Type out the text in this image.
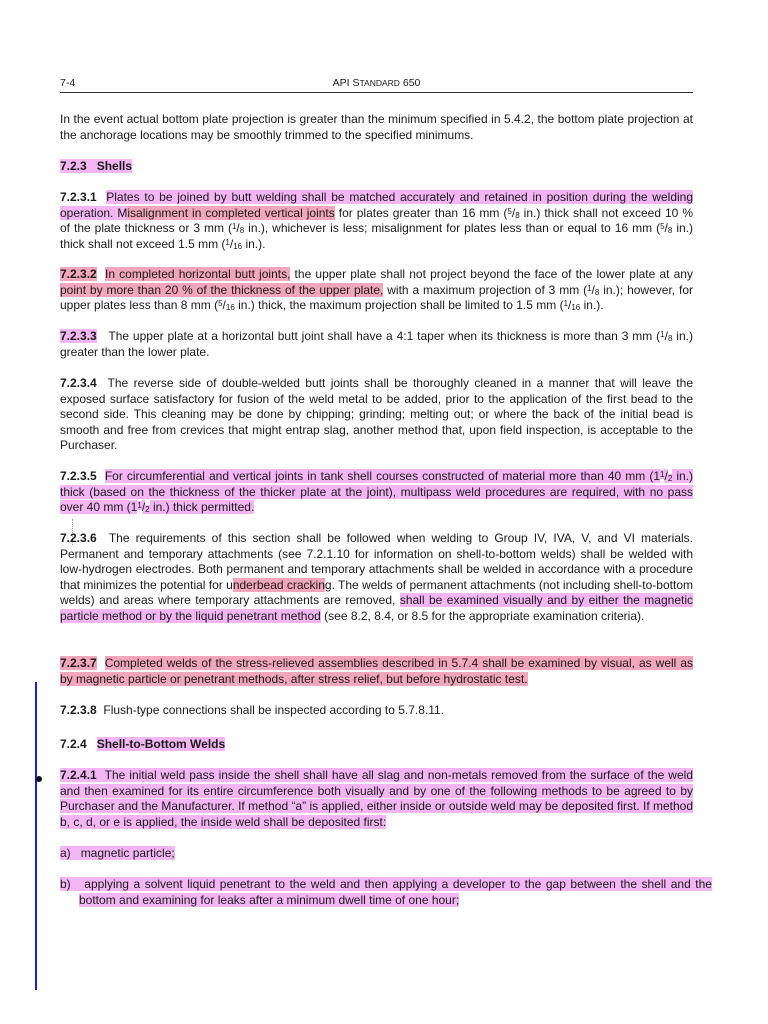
7-4	API STANDARD 650

In the event actual bottom plate projection is greater than the minimum specified in 5.4.2, the bottom plate projection at the anchorage locations may be smoothly trimmed to the specified minimums.

7.2.3 Shells

7.2.3.1 Plates to be joined by butt welding shall be matched accurately and retained in position during the welding operation. Misalignment in completed vertical joints for plates greater than 16 mm ($^5/_8$ in.) thick shall not exceed 10 % of the plate thickness or 3 mm ($^1/_8$ in.), whichever is less; misalignment for plates less than or equal to 16 mm ($^5/_8$ in.) thick shall not exceed 1.5 mm ($^1/_{16}$ in.).

7.2.3.2 In completed horizontal butt joints, the upper plate shall not project beyond the face of the lower plate at any point by more than 20 % of the thickness of the upper plate, with a maximum projection of 3 mm ($^1/_8$ in.); however, for upper plates less than 8 mm ($^5/_{16}$ in.) thick, the maximum projection shall be limited to 1.5 mm ($^1/_{16}$ in.).

7.2.3.3 The upper plate at a horizontal butt joint shall have a 4:1 taper when its thickness is more than 3 mm ($^1/_8$ in.) greater than the lower plate.

7.2.3.4 The reverse side of double-welded butt joints shall be thoroughly cleaned in a manner that will leave the exposed surface satisfactory for fusion of the weld metal to be added, prior to the application of the first bead to the second side. This cleaning may be done by chipping; grinding; melting out; or where the back of the initial bead is smooth and free from crevices that might entrap slag, another method that, upon field inspection, is acceptable to the Purchaser.

7.2.3.5 For circumferential and vertical joints in tank shell courses constructed of material more than 40 mm ($1^1/_2$ in.) thick (based on the thickness of the thicker plate at the joint), multipass weld procedures are required, with no pass over 40 mm ($1^1/_2$ in.) thick permitted.

7.2.3.6 The requirements of this section shall be followed when welding to Group IV, IVA, V, and VI materials. Permanent and temporary attachments (see 7.2.1.10 for information on shell-to-bottom welds) shall be welded with low-hydrogen electrodes. Both permanent and temporary attachments shall be welded in accordance with a procedure that minimizes the potential for underbead cracking. The welds of permanent attachments (not including shell-to-bottom welds) and areas where temporary attachments are removed, shall be examined visually and by either the magnetic particle method or by the liquid penetrant method (see 8.2, 8.4, or 8.5 for the appropriate examination criteria).

7.2.3.7 Completed welds of the stress-relieved assemblies described in 5.7.4 shall be examined by visual, as well as by magnetic particle or penetrant methods, after stress relief, but before hydrostatic test.

7.2.3.8 Flush-type connections shall be inspected according to 5.7.8.11.

7.2.4 Shell-to-Bottom Welds

7.2.4.1 The initial weld pass inside the shell shall have all slag and non-metals removed from the surface of the weld and then examined for its entire circumference both visually and by one of the following methods to be agreed to by Purchaser and the Manufacturer. If method “a” is applied, either inside or outside weld may be deposited first. If method b, c, d, or e is applied, the inside weld shall be deposited first:

a) magnetic particle;

b) applying a solvent liquid penetrant to the weld and then applying a developer to the gap between the shell and the bottom and examining for leaks after a minimum dwell time of one hour;
